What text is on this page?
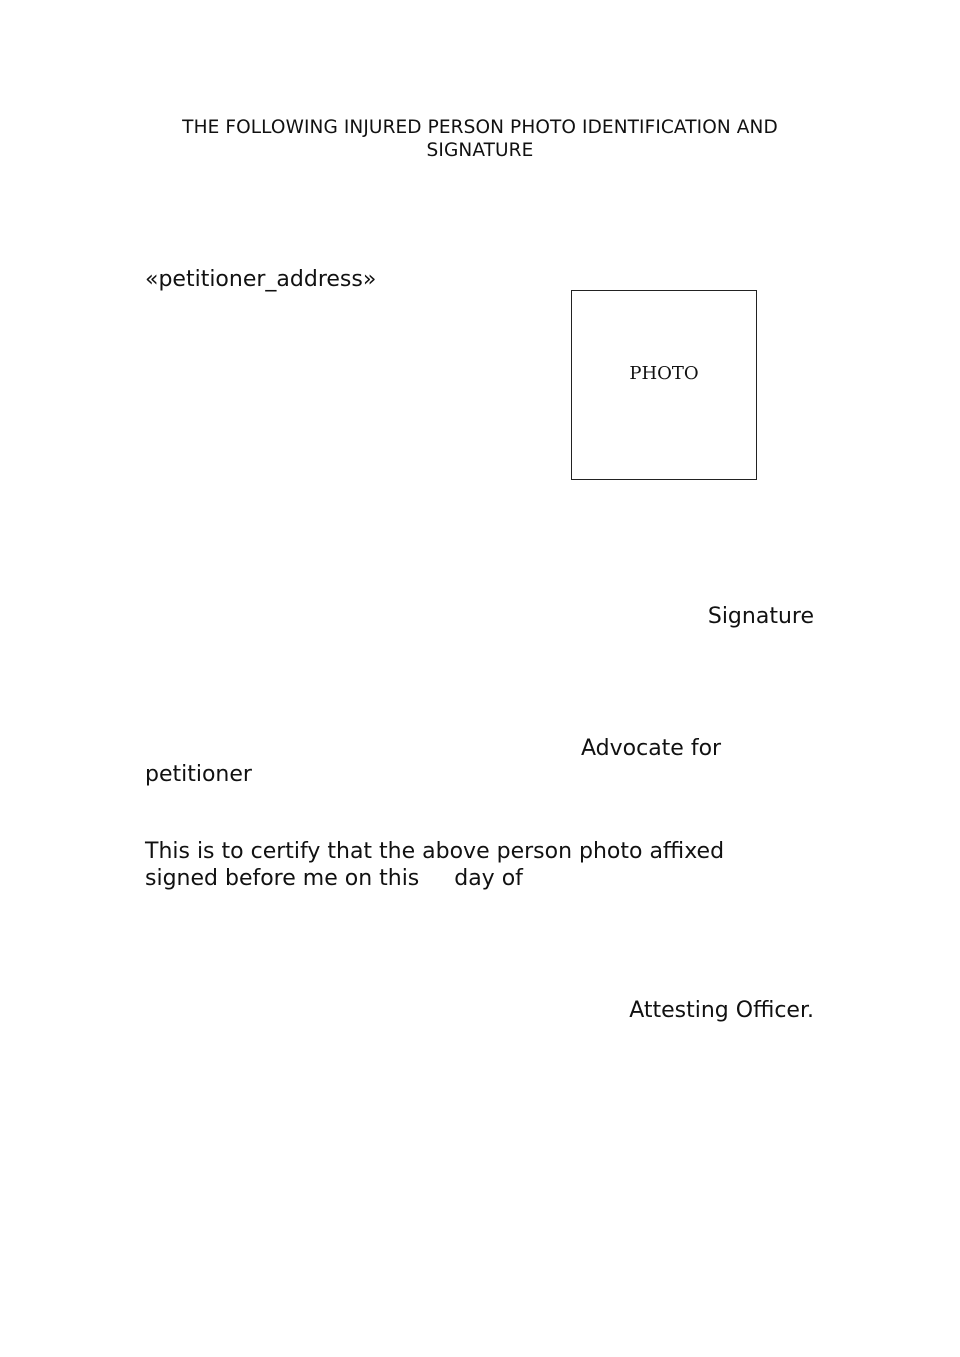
THE FOLLOWING INJURED PERSON PHOTO IDENTIFICATION AND
SIGNATURE
«petitioner_address»
PHOTO
Signature
Advocate for
petitioner
This is to certify that the above person photo affixed
signed before me on this     day of
Attesting Officer.
